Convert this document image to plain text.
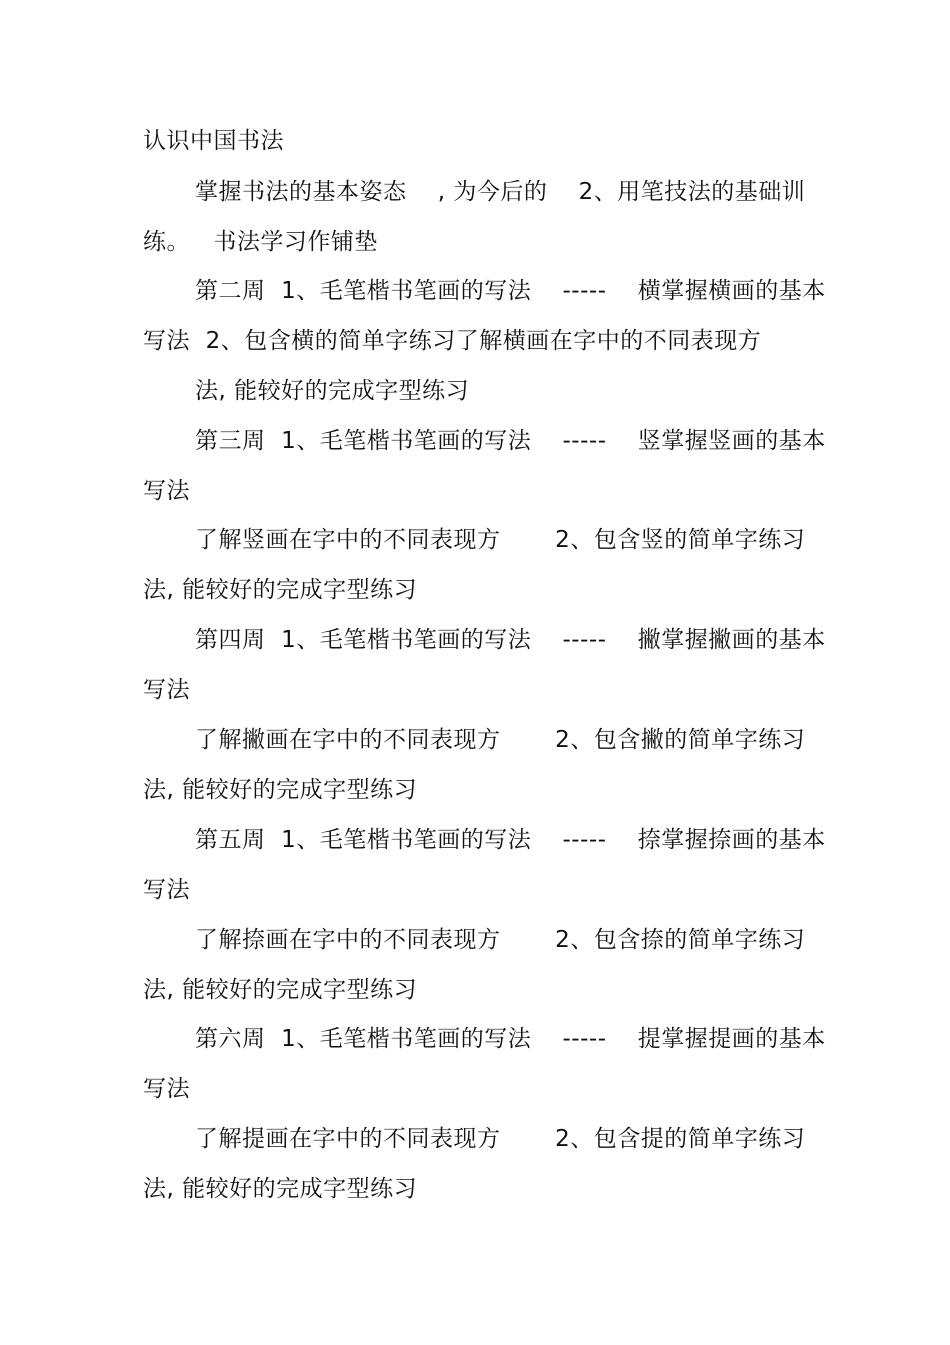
认识中国书法
掌握书法的基本姿态    , 为今后的    2、用笔技法的基础训
练。   书法学习作铺垫
第二周  1、毛笔楷书笔画的写法    -----    横掌握横画的基本
写法  2、包含横的简单字练习了解横画在字中的不同表现方
法, 能较好的完成字型练习
第三周  1、毛笔楷书笔画的写法    -----    竖掌握竖画的基本
写法
了解竖画在字中的不同表现方       2、包含竖的简单字练习
法, 能较好的完成字型练习
第四周  1、毛笔楷书笔画的写法    -----    撇掌握撇画的基本
写法
了解撇画在字中的不同表现方       2、包含撇的简单字练习
法, 能较好的完成字型练习
第五周  1、毛笔楷书笔画的写法    -----    捺掌握捺画的基本
写法
了解捺画在字中的不同表现方       2、包含捺的简单字练习
法, 能较好的完成字型练习
第六周  1、毛笔楷书笔画的写法    -----    提掌握提画的基本
写法
了解提画在字中的不同表现方       2、包含提的简单字练习
法, 能较好的完成字型练习
